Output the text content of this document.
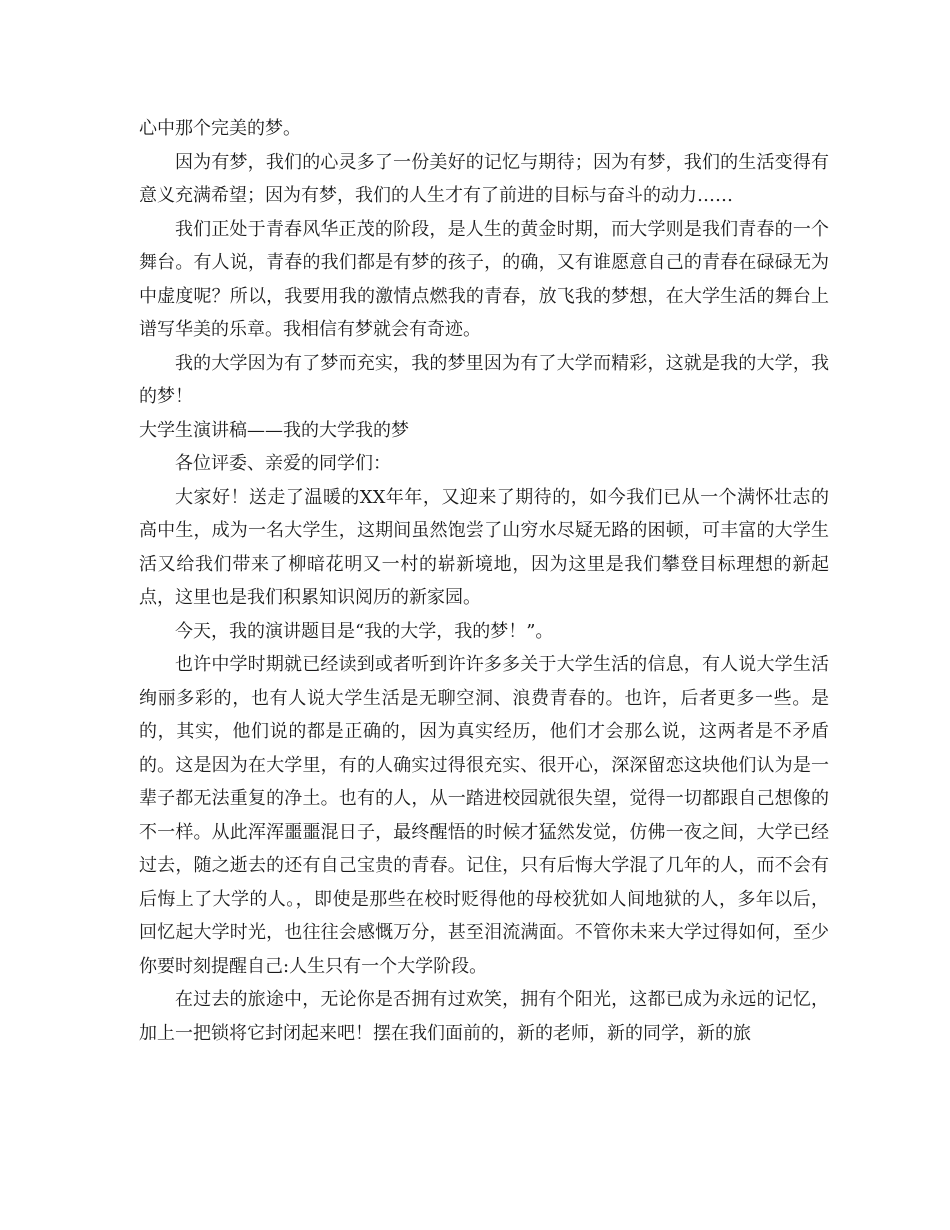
心中那个完美的梦。

因为有梦，我们的心灵多了一份美好的记忆与期待；因为有梦，我们的生活变得有意义充满希望；因为有梦，我们的人生才有了前进的目标与奋斗的动力……

我们正处于青春风华正茂的阶段，是人生的黄金时期，而大学则是我们青春的一个舞台。有人说，青春的我们都是有梦的孩子，的确，又有谁愿意自己的青春在碌碌无为中虚度呢？所以，我要用我的激情点燃我的青春，放飞我的梦想，在大学生活的舞台上谱写华美的乐章。我相信有梦就会有奇迹。

我的大学因为有了梦而充实，我的梦里因为有了大学而精彩，这就是我的大学，我的梦！

大学生演讲稿——我的大学我的梦

各位评委、亲爱的同学们：

大家好！送走了温暖的XX年年，又迎来了期待的，如今我们已从一个满怀壮志的高中生，成为一名大学生，这期间虽然饱尝了山穷水尽疑无路的困顿，可丰富的大学生活又给我们带来了柳暗花明又一村的崭新境地，因为这里是我们攀登目标理想的新起点，这里也是我们积累知识阅历的新家园。

今天，我的演讲题目是“我的大学，我的梦！”。

也许中学时期就已经读到或者听到许许多多关于大学生活的信息，有人说大学生活绚丽多彩的，也有人说大学生活是无聊空洞、浪费青春的。也许，后者更多一些。是的，其实，他们说的都是正确的，因为真实经历，他们才会那么说，这两者是不矛盾的。这是因为在大学里，有的人确实过得很充实、很开心，深深留恋这块他们认为是一辈子都无法重复的净土。也有的人，从一踏进校园就很失望，觉得一切都跟自己想像的不一样。从此浑浑噩噩混日子，最终醒悟的时候才猛然发觉，仿佛一夜之间，大学已经过去，随之逝去的还有自己宝贵的青春。记住，只有后悔大学混了几年的人，而不会有后悔上了大学的人。，即使是那些在校时贬得他的母校犹如人间地狱的人，多年以后，回忆起大学时光，也往往会感慨万分，甚至泪流满面。不管你未来大学过得如何，至少你要时刻提醒自己:人生只有一个大学阶段。

在过去的旅途中，无论你是否拥有过欢笑，拥有个阳光，这都已成为永远的记忆，加上一把锁将它封闭起来吧！摆在我们面前的，新的老师，新的同学，新的旅
